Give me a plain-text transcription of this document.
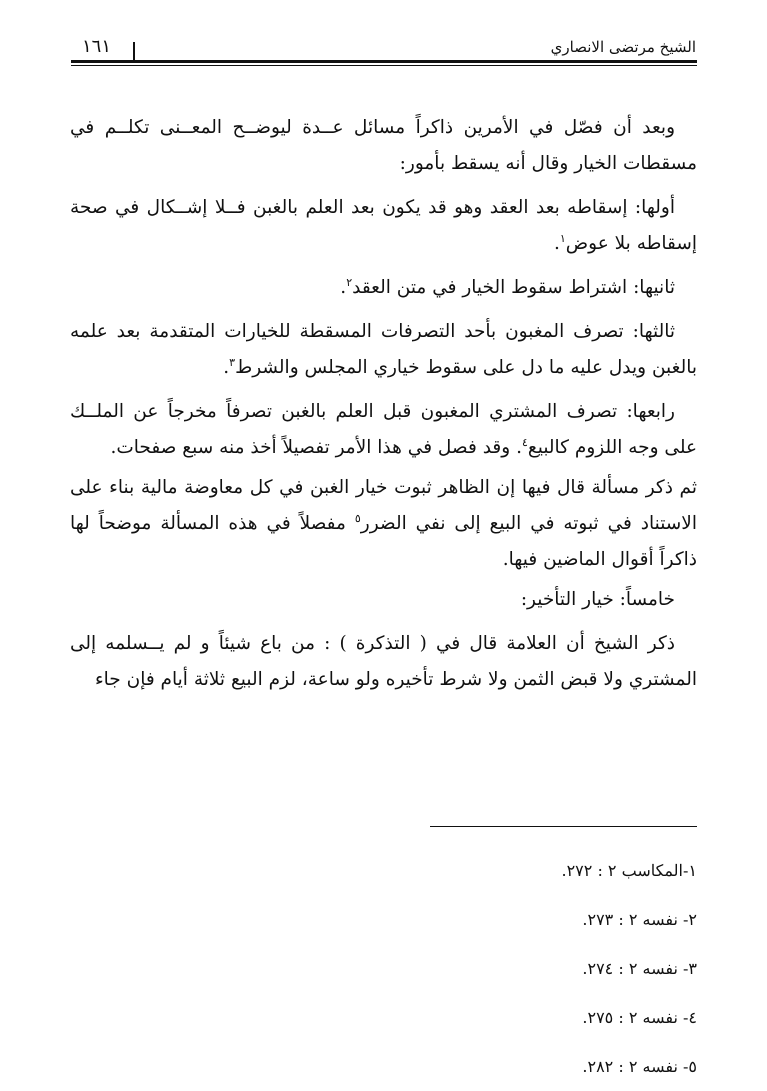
الشيخ مرتضى الانصاري
١٦١

وبعد أن فصّل في الأمرين ذاكراً مسائل عــدة ليوضــح المعــنى تكلــم في مسقطات الخيار وقال أنه يسقط بأمور:

أولها: إسقاطه بعد العقد وهو قد يكون بعد العلم بالغبن فــلا إشــكال في صحة إسقاطه بلا عوض$^١$.

ثانيها: اشتراط سقوط الخيار في متن العقد$^٢$.

ثالثها: تصرف المغبون بأحد التصرفات المسقطة للخيارات المتقدمة بعد علمه بالغبن ويدل عليه ما دل على سقوط خياري المجلس والشرط$^٣$.

رابعها: تصرف المشتري المغبون قبل العلم بالغبن تصرفاً مخرجاً عن الملــك على وجه اللزوم كالبيع$^٤$. وقد فصل في هذا الأمر تفصيلاً أخذ منه سبع صفحات.

ثم ذكر مسألة قال فيها إن الظاهر ثبوت خيار الغبن في كل معاوضة مالية بناء على الاستناد في ثبوته في البيع إلى نفي الضرر$^٥$ مفصلاً في هذه المسألة موضحاً لها ذاكراً أقوال الماضين فيها.

خامساً: خيار التأخير:

ذكر الشيخ أن العلامة قال في ( التذكرة ) : من باع شيئاً و لم يــسلمه إلى المشتري ولا قبض الثمن ولا شرط تأخيره ولو ساعة، لزم البيع ثلاثة أيام فإن جاء

١-المكاسب ٢ : ٢٧٢.
٢- نفسه ٢ : ٢٧٣.
٣- نفسه ٢ : ٢٧٤.
٤- نفسه ٢ : ٢٧٥.
٥- نفسه ٢ : ٢٨٢.
